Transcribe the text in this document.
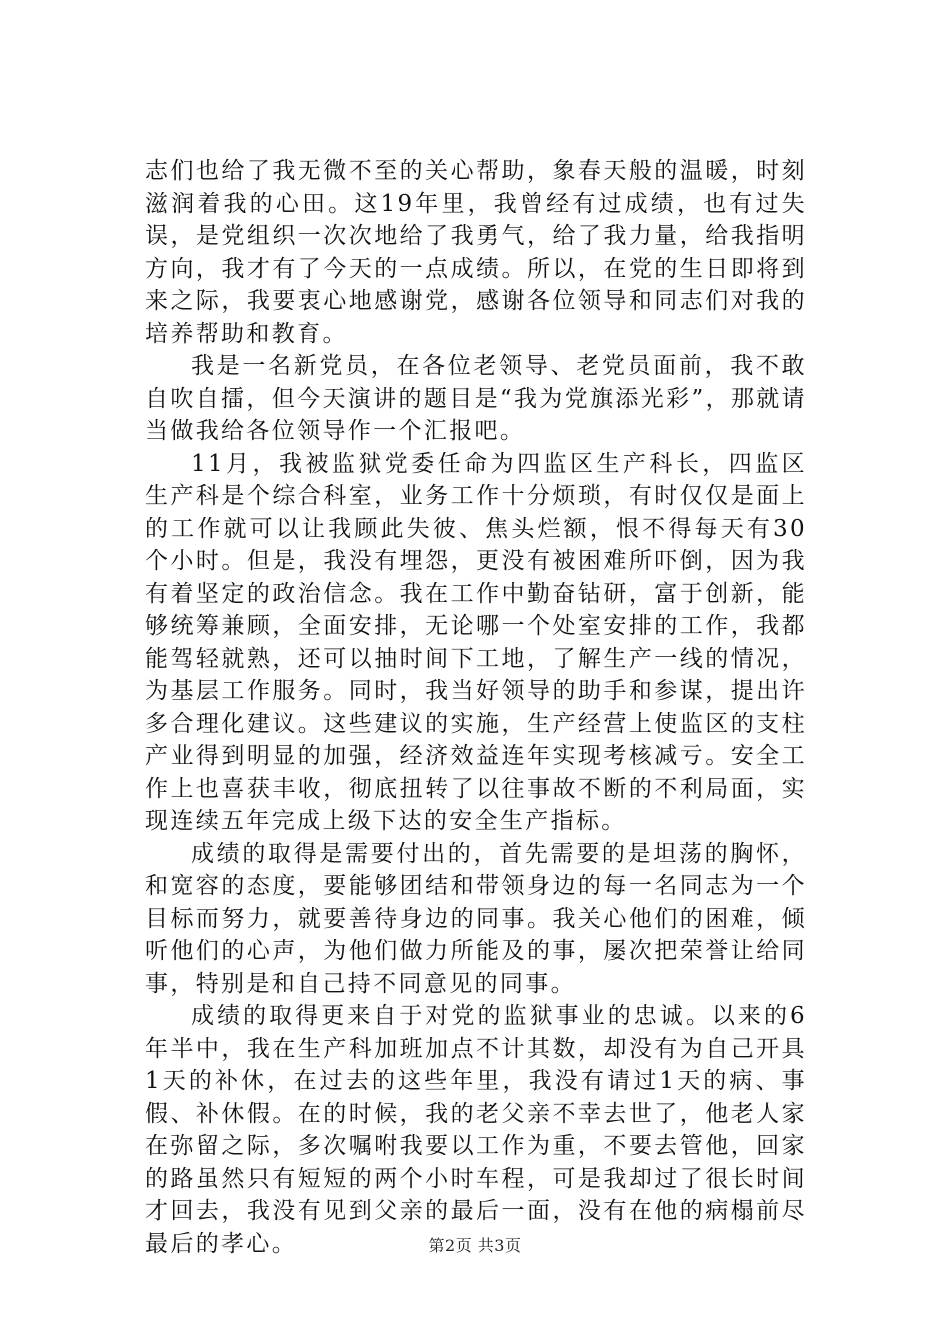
志们也给了我无微不至的关心帮助，象春天般的温暖，时刻滋润着我的心田。这19年里，我曾经有过成绩，也有过失误，是党组织一次次地给了我勇气，给了我力量，给我指明方向，我才有了今天的一点成绩。所以，在党的生日即将到来之际，我要衷心地感谢党，感谢各位领导和同志们对我的培养帮助和教育。

我是一名新党员，在各位老领导、老党员面前，我不敢自吹自擂，但今天演讲的题目是“我为党旗添光彩”，那就请当做我给各位领导作一个汇报吧。

11月，我被监狱党委任命为四监区生产科长，四监区生产科是个综合科室，业务工作十分烦琐，有时仅仅是面上的工作就可以让我顾此失彼、焦头烂额，恨不得每天有30个小时。但是，我没有埋怨，更没有被困难所吓倒，因为我有着坚定的政治信念。我在工作中勤奋钻研，富于创新，能够统筹兼顾，全面安排，无论哪一个处室安排的工作，我都能驾轻就熟，还可以抽时间下工地，了解生产一线的情况，为基层工作服务。同时，我当好领导的助手和参谋，提出许多合理化建议。这些建议的实施，生产经营上使监区的支柱产业得到明显的加强，经济效益连年实现考核减亏。安全工作上也喜获丰收，彻底扭转了以往事故不断的不利局面，实现连续五年完成上级下达的安全生产指标。

成绩的取得是需要付出的，首先需要的是坦荡的胸怀，和宽容的态度，要能够团结和带领身边的每一名同志为一个目标而努力，就要善待身边的同事。我关心他们的困难，倾听他们的心声，为他们做力所能及的事，屡次把荣誉让给同事，特别是和自己持不同意见的同事。

成绩的取得更来自于对党的监狱事业的忠诚。以来的6年半中，我在生产科加班加点不计其数，却没有为自己开具1天的补休，在过去的这些年里，我没有请过1天的病、事假、补休假。在的时候，我的老父亲不幸去世了，他老人家在弥留之际，多次嘱咐我要以工作为重，不要去管他，回家的路虽然只有短短的两个小时车程，可是我却过了很长时间才回去，我没有见到父亲的最后一面，没有在他的病榻前尽最后的孝心。	第2页 共3页
